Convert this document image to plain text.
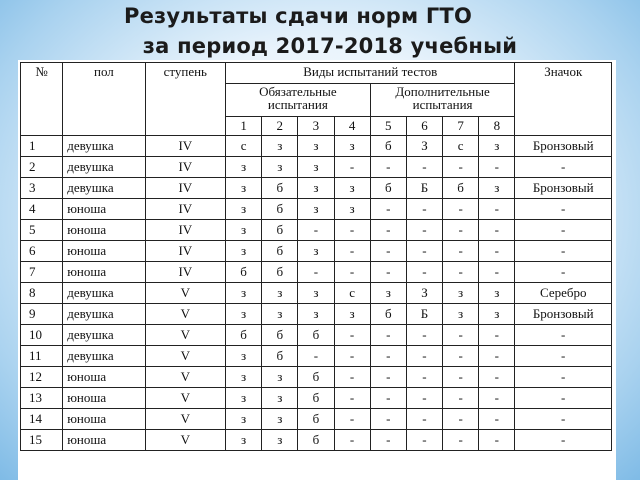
Результаты сдачи норм ГТО
за период 2017-2018 учебный
№	пол	ступень	Виды испытаний тестов								Значок
			Обязательные испытания				Дополнительные испытания				
			1	2	3	4	5	6	7	8	
1	девушка	IV	с	з	з	з	б	З	с	з	Бронзовый
2	девушка	IV	з	з	з	-	-	-	-	-	-
3	девушка	IV	з	б	з	з	б	Б	б	з	Бронзовый
4	юноша	IV	з	б	з	з	-	-	-	-	-
5	юноша	IV	з	б	-	-	-	-	-	-	-
6	юноша	IV	з	б	з	-	-	-	-	-	-
7	юноша	IV	б	б	-	-	-	-	-	-	-
8	девушка	V	з	з	з	с	з	З	з	з	Серебро
9	девушка	V	з	з	з	з	б	Б	з	з	Бронзовый
10	девушка	V	б	б	б	-	-	-	-	-	-
11	девушка	V	з	б	-	-	-	-	-	-	-
12	юноша	V	з	з	б	-	-	-	-	-	-
13	юноша	V	з	з	б	-	-	-	-	-	-
14	юноша	V	з	з	б	-	-	-	-	-	-
15	юноша	V	з	з	б	-	-	-	-	-	-
